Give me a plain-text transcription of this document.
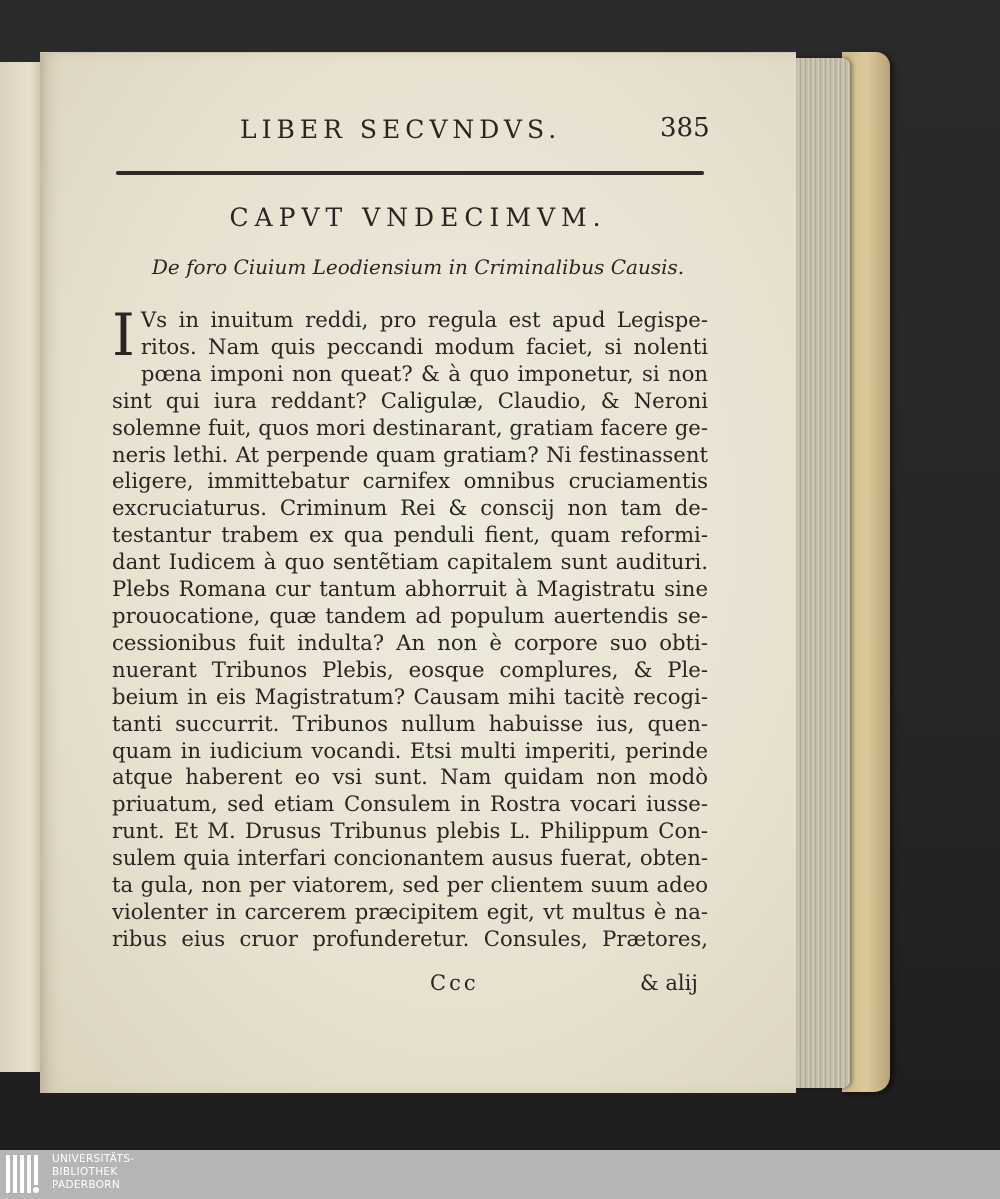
LIBER SECVNDVS.	385
CAPVT VNDECIMVM.
De foro Ciuium Leodiensium in Criminalibus Causis.
I Vs in inuitum reddi, pro regula est apud Legispe-
ritos. Nam quis peccandi modum faciet, si nolenti
pœna imponi non queat? & à quo imponetur, si non
sint qui iura reddant? Caligulæ, Claudio, & Neroni
solemne fuit, quos mori destinarant, gratiam facere ge-
neris lethi. At perpende quam gratiam? Ni festinassent
eligere, immittebatur carnifex omnibus cruciamentis
excruciaturus. Criminum Rei & conscij non tam de-
testantur trabem ex qua penduli fient, quam reformi-
dant Iudicem à quo sentẽtiam capitalem sunt audituri.
Plebs Romana cur tantum abhorruit à Magistratu sine
prouocatione, quæ tandem ad populum auertendis se-
cessionibus fuit indulta? An non è corpore suo obti-
nuerant Tribunos Plebis, eosque complures, & Ple-
beium in eis Magistratum? Causam mihi tacitè recogi-
tanti succurrit. Tribunos nullum habuisse ius, quen-
quam in iudicium vocandi. Etsi multi imperiti, perinde
atque haberent eo vsi sunt. Nam quidam non modò
priuatum, sed etiam Consulem in Rostra vocari iusse-
runt. Et M. Drusus Tribunus plebis L. Philippum Con-
sulem quia interfari concionantem ausus fuerat, obten-
ta gula, non per viatorem, sed per clientem suum adeo
violenter in carcerem præcipitem egit, vt multus è na-
ribus eius cruor profunderetur. Consules, Prætores,
Ccc	& alij
UNIVERSITÄTS-
BIBLIOTHEK
PADERBORN
